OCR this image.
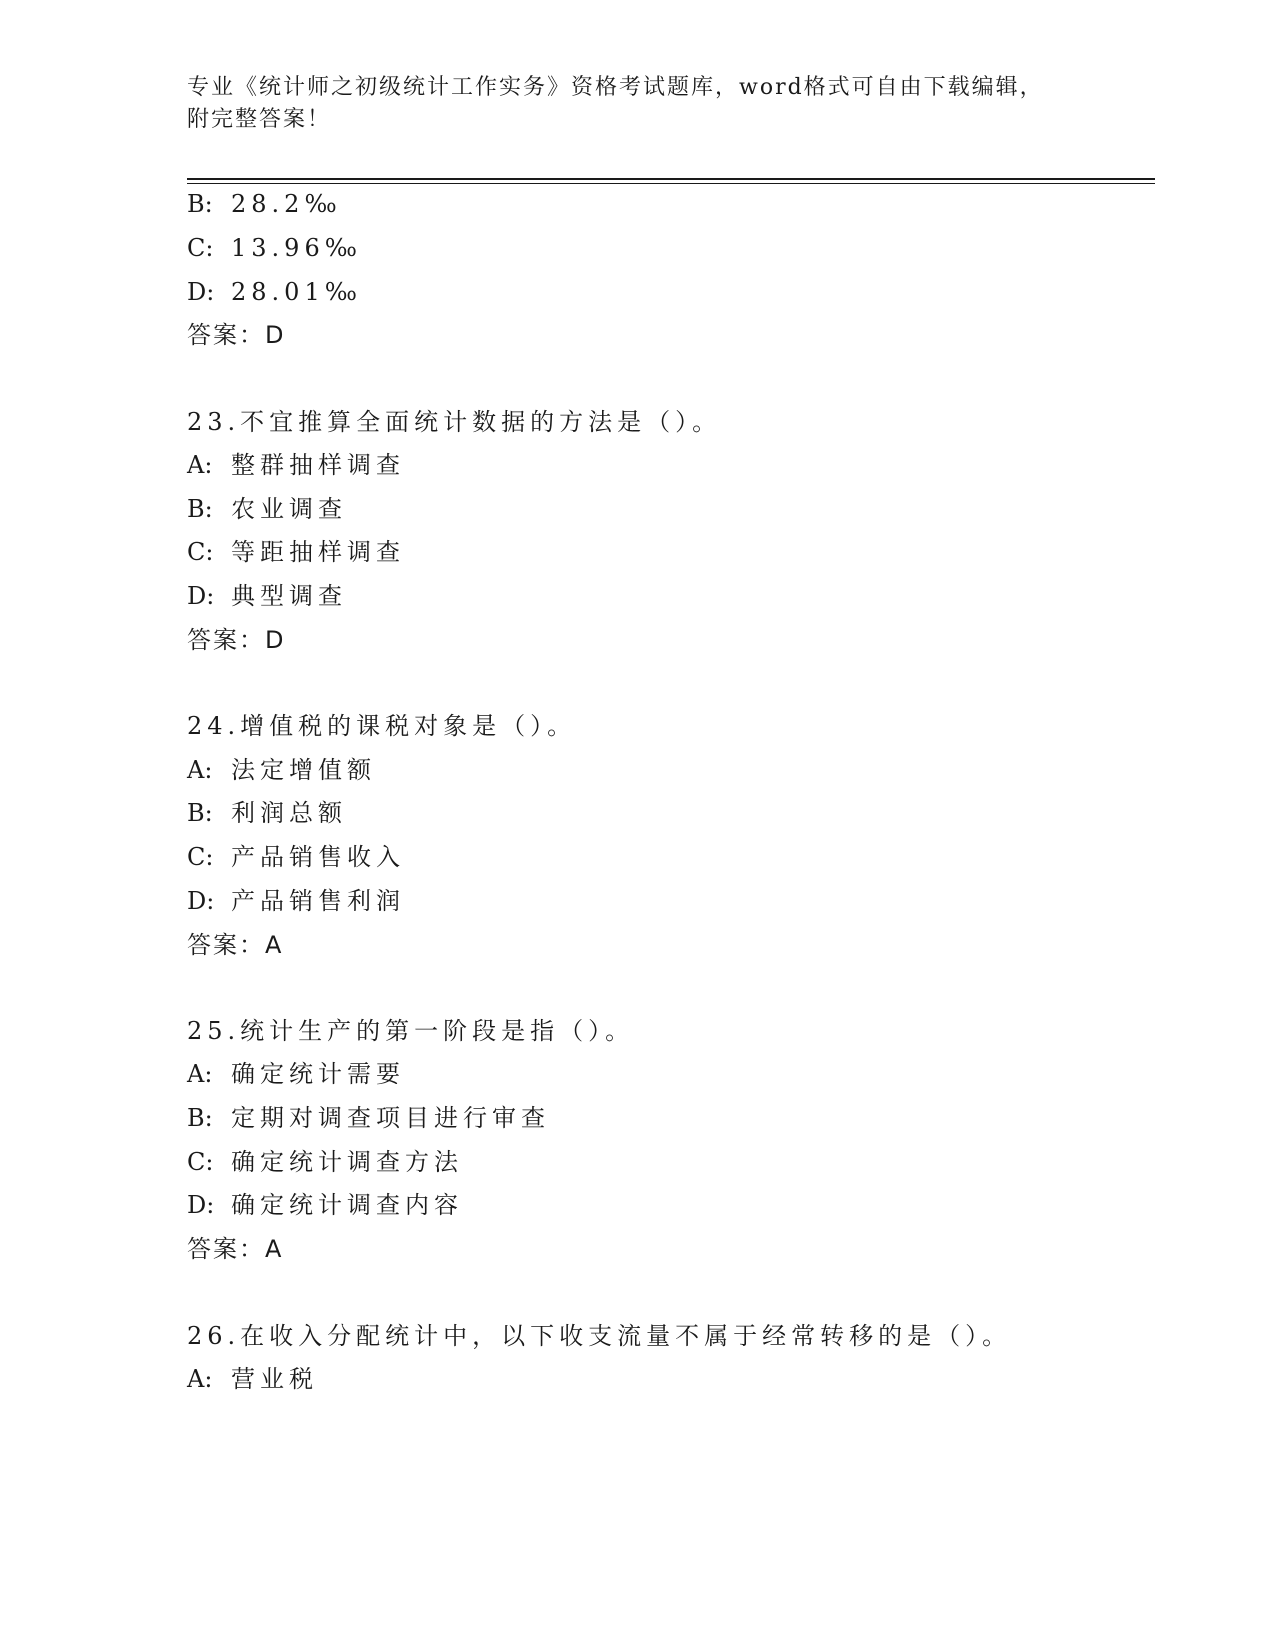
专业《统计师之初级统计工作实务》资格考试题库，word格式可自由下载编辑，
附完整答案！
B: 28.2‰
C: 13.96‰
D: 28.01‰
答案：D
23.不宜推算全面统计数据的方法是（）。
A: 整群抽样调查
B: 农业调查
C: 等距抽样调查
D: 典型调查
答案：D
24.增值税的课税对象是（）。
A: 法定增值额
B: 利润总额
C: 产品销售收入
D: 产品销售利润
答案：A
25.统计生产的第一阶段是指（）。
A: 确定统计需要
B: 定期对调查项目进行审查
C: 确定统计调查方法
D: 确定统计调查内容
答案：A
26.在收入分配统计中，以下收支流量不属于经常转移的是（）。
A: 营业税
